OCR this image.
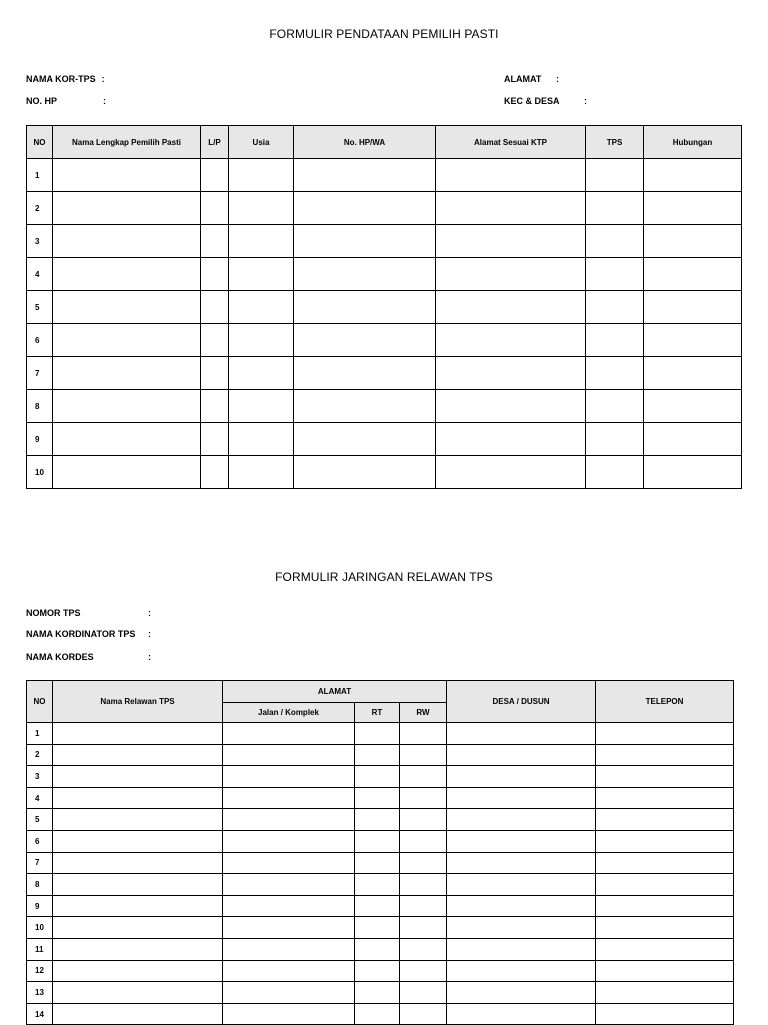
FORMULIR PENDATAAN PEMILIH PASTI
NAMA KOR-TPS :
NO. HP	:
ALAMAT :
KEC & DESA	:
NO	Nama Lengkap Pemilih Pasti	L/P	Usia	No. HP/WA	Alamat Sesuai KTP	TPS	Hubungan
1							
2							
3							
4							
5							
6							
7							
8							
9							
10							
FORMULIR JARINGAN RELAWAN TPS
NOMOR TPS	:
NAMA KORDINATOR TPS :
NAMA KORDES	:
NO	Nama Relawan TPS	ALAMAT			DESA / DUSUN	TELEPON
		Jalan / Komplek	RT	RW		
1						
2						
3						
4						
5						
6						
7						
8						
9						
10						
11						
12						
13						
14						
